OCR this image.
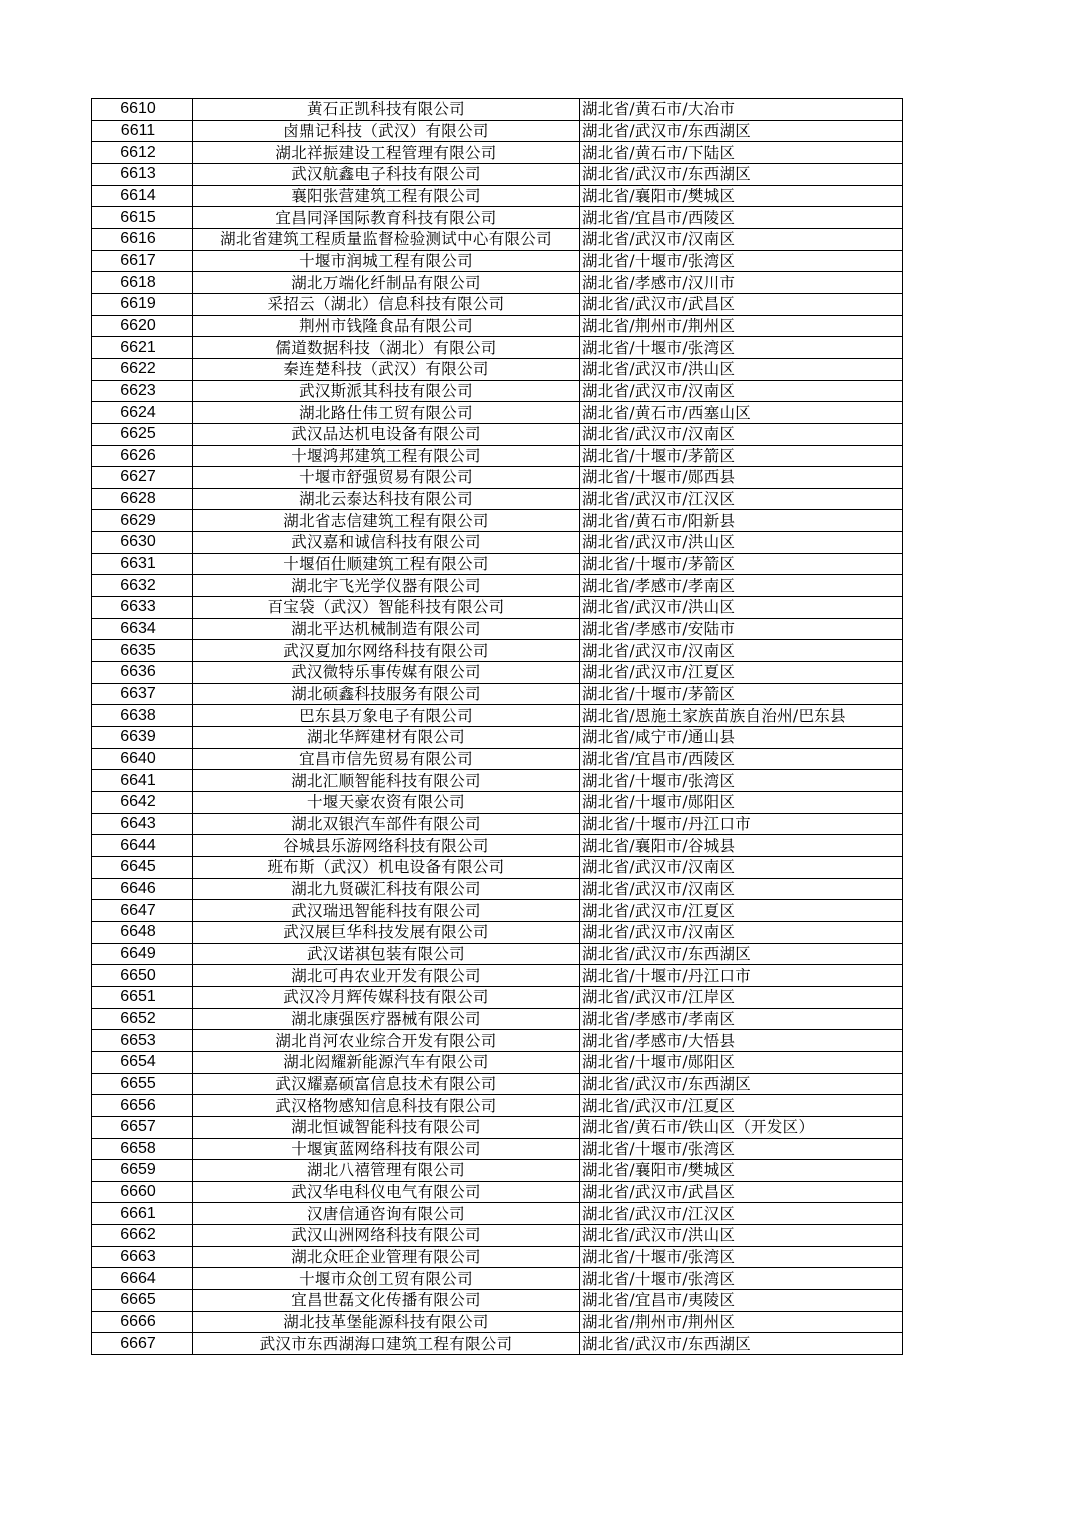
6610	黄石正凯科技有限公司	湖北省/黄石市/大冶市
6611	卤鼎记科技（武汉）有限公司	湖北省/武汉市/东西湖区
6612	湖北祥振建设工程管理有限公司	湖北省/黄石市/下陆区
6613	武汉航鑫电子科技有限公司	湖北省/武汉市/东西湖区
6614	襄阳张营建筑工程有限公司	湖北省/襄阳市/樊城区
6615	宜昌同泽国际教育科技有限公司	湖北省/宜昌市/西陵区
6616	湖北省建筑工程质量监督检验测试中心有限公司	湖北省/武汉市/汉南区
6617	十堰市润城工程有限公司	湖北省/十堰市/张湾区
6618	湖北万端化纤制品有限公司	湖北省/孝感市/汉川市
6619	采招云（湖北）信息科技有限公司	湖北省/武汉市/武昌区
6620	荆州市钱隆食品有限公司	湖北省/荆州市/荆州区
6621	儒道数据科技（湖北）有限公司	湖北省/十堰市/张湾区
6622	秦连楚科技（武汉）有限公司	湖北省/武汉市/洪山区
6623	武汉斯派其科技有限公司	湖北省/武汉市/汉南区
6624	湖北路仕伟工贸有限公司	湖北省/黄石市/西塞山区
6625	武汉品达机电设备有限公司	湖北省/武汉市/汉南区
6626	十堰鸿邦建筑工程有限公司	湖北省/十堰市/茅箭区
6627	十堰市舒强贸易有限公司	湖北省/十堰市/郧西县
6628	湖北云泰达科技有限公司	湖北省/武汉市/江汉区
6629	湖北省志信建筑工程有限公司	湖北省/黄石市/阳新县
6630	武汉嘉和诚信科技有限公司	湖北省/武汉市/洪山区
6631	十堰佰仕顺建筑工程有限公司	湖北省/十堰市/茅箭区
6632	湖北宇飞光学仪器有限公司	湖北省/孝感市/孝南区
6633	百宝袋（武汉）智能科技有限公司	湖北省/武汉市/洪山区
6634	湖北平达机械制造有限公司	湖北省/孝感市/安陆市
6635	武汉夏加尔网络科技有限公司	湖北省/武汉市/汉南区
6636	武汉微特乐事传媒有限公司	湖北省/武汉市/江夏区
6637	湖北硕鑫科技服务有限公司	湖北省/十堰市/茅箭区
6638	巴东县万象电子有限公司	湖北省/恩施土家族苗族自治州/巴东县
6639	湖北华辉建材有限公司	湖北省/咸宁市/通山县
6640	宜昌市信先贸易有限公司	湖北省/宜昌市/西陵区
6641	湖北汇顺智能科技有限公司	湖北省/十堰市/张湾区
6642	十堰天豪农资有限公司	湖北省/十堰市/郧阳区
6643	湖北双银汽车部件有限公司	湖北省/十堰市/丹江口市
6644	谷城县乐游网络科技有限公司	湖北省/襄阳市/谷城县
6645	班布斯（武汉）机电设备有限公司	湖北省/武汉市/汉南区
6646	湖北九贤碳汇科技有限公司	湖北省/武汉市/汉南区
6647	武汉瑞迅智能科技有限公司	湖北省/武汉市/江夏区
6648	武汉展巨华科技发展有限公司	湖北省/武汉市/汉南区
6649	武汉诺祺包装有限公司	湖北省/武汉市/东西湖区
6650	湖北可冉农业开发有限公司	湖北省/十堰市/丹江口市
6651	武汉冷月辉传媒科技有限公司	湖北省/武汉市/江岸区
6652	湖北康强医疗器械有限公司	湖北省/孝感市/孝南区
6653	湖北肖河农业综合开发有限公司	湖北省/孝感市/大悟县
6654	湖北闳耀新能源汽车有限公司	湖北省/十堰市/郧阳区
6655	武汉耀嘉硕富信息技术有限公司	湖北省/武汉市/东西湖区
6656	武汉格物感知信息科技有限公司	湖北省/武汉市/江夏区
6657	湖北恒诚智能科技有限公司	湖北省/黄石市/铁山区（开发区）
6658	十堰寅蓝网络科技有限公司	湖北省/十堰市/张湾区
6659	湖北八禧管理有限公司	湖北省/襄阳市/樊城区
6660	武汉华电科仪电气有限公司	湖北省/武汉市/武昌区
6661	汉唐信通咨询有限公司	湖北省/武汉市/江汉区
6662	武汉山洲网络科技有限公司	湖北省/武汉市/洪山区
6663	湖北众旺企业管理有限公司	湖北省/十堰市/张湾区
6664	十堰市众创工贸有限公司	湖北省/十堰市/张湾区
6665	宜昌世磊文化传播有限公司	湖北省/宜昌市/夷陵区
6666	湖北技革堡能源科技有限公司	湖北省/荆州市/荆州区
6667	武汉市东西湖海口建筑工程有限公司	湖北省/武汉市/东西湖区
